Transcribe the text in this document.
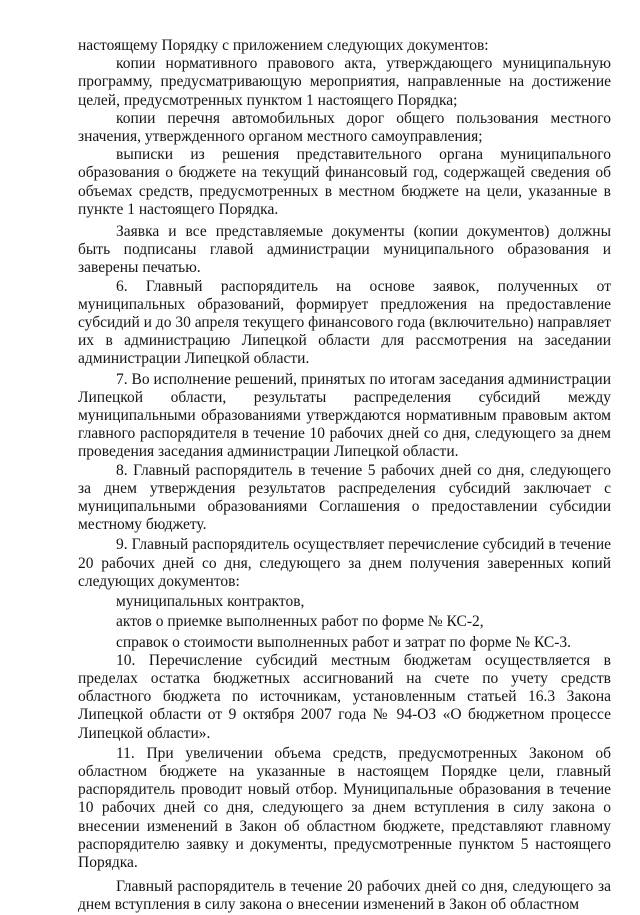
настоящему Порядку с приложением следующих документов:

копии нормативного правового акта, утверждающего муниципальную программу, предусматривающую мероприятия, направленные на достижение целей, предусмотренных пунктом 1 настоящего Порядка;

копии перечня автомобильных дорог общего пользования местного значения, утвержденного органом местного самоуправления;

выписки из решения представительного органа муниципального образования о бюджете на текущий финансовый год, содержащей сведения об объемах средств, предусмотренных в местном бюджете на цели, указанные в пункте 1 настоящего Порядка.

Заявка и все представляемые документы (копии документов) должны быть подписаны главой администрации муниципального образования и заверены печатью.

6. Главный распорядитель на основе заявок, полученных от муниципальных образований, формирует предложения на предоставление субсидий и до 30 апреля текущего финансового года (включительно) направляет их в администрацию Липецкой области для рассмотрения на заседании администрации Липецкой области.

7. Во исполнение решений, принятых по итогам заседания администрации Липецкой области, результаты распределения субсидий между муниципальными образованиями утверждаются нормативным правовым актом главного распорядителя в течение 10 рабочих дней со дня, следующего за днем проведения заседания администрации Липецкой области.

8. Главный распорядитель в течение 5 рабочих дней со дня, следующего за днем утверждения результатов распределения субсидий заключает с муниципальными образованиями Соглашения о предоставлении субсидии местному бюджету.

9. Главный распорядитель осуществляет перечисление субсидий в течение 20 рабочих дней со дня, следующего за днем получения заверенных копий следующих документов:

муниципальных контрактов,

актов о приемке выполненных работ по форме № КС-2,

справок о стоимости выполненных работ и затрат по форме № КС-3.

10. Перечисление субсидий местным бюджетам осуществляется в пределах остатка бюджетных ассигнований на счете по учету средств областного бюджета по источникам, установленным статьей 16.3 Закона Липецкой области от 9 октября 2007 года № 94-ОЗ «О бюджетном процессе Липецкой области».

11. При увеличении объема средств, предусмотренных Законом об областном бюджете на указанные в настоящем Порядке цели, главный распорядитель проводит новый отбор. Муниципальные образования в течение 10 рабочих дней со дня, следующего за днем вступления в силу закона о внесении изменений в Закон об областном бюджете, представляют главному распорядителю заявку и документы, предусмотренные пунктом 5 настоящего Порядка.

Главный распорядитель в течение 20 рабочих дней со дня, следующего за днем вступления в силу закона о внесении изменений в Закон об областном
